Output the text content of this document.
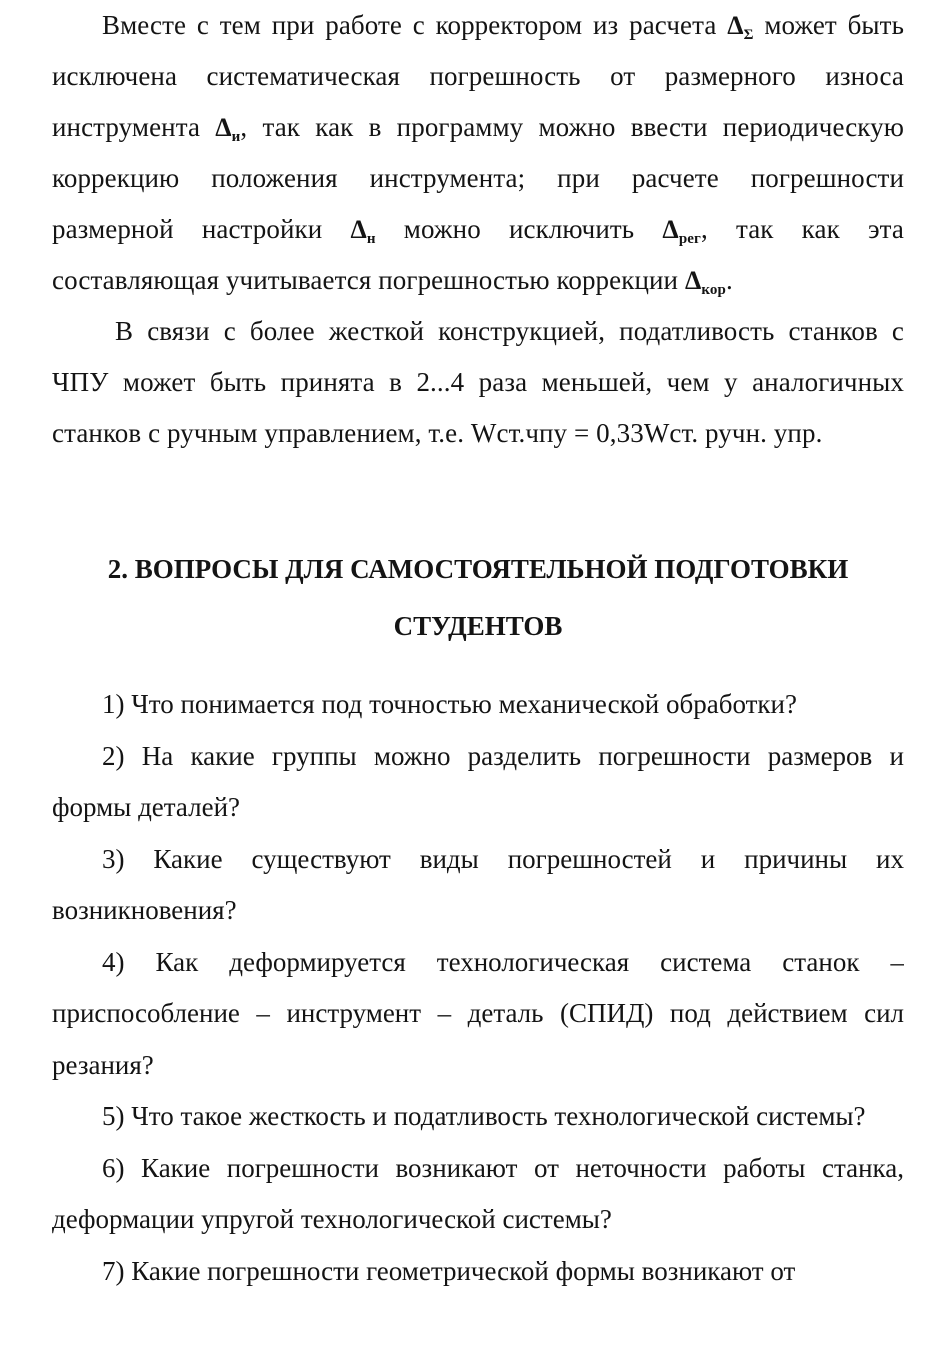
Вместе с тем при работе с корректором из расчета $\Delta_\Sigma$ может быть исключена систематическая погрешность от размерного износа инструмента $\Delta_и$, так как в программу можно ввести периодическую коррекцию положения инструмента; при расчете погрешности размерной настройки $\Delta_н$ можно исключить $\Delta_{рег}$, так как эта составляющая учитывается погрешностью коррекции $\Delta_{кор}$.

В связи с более жесткой конструкцией, податливость станков с ЧПУ может быть принята в 2...4 раза меньшей, чем у аналогичных станков с ручным управлением, т.е. Wcт.чпу = 0,33Wcт. ручн. упр.

2. ВОПРОСЫ ДЛЯ САМОСТОЯТЕЛЬНОЙ ПОДГОТОВКИ
СТУДЕНТОВ

1) Что понимается под точностью механической обработки?

2) На какие группы можно разделить погрешности размеров и формы деталей?

3) Какие существуют виды погрешностей и причины их возникновения?

4) Как деформируется технологическая система станок – приспособление – инструмент – деталь (СПИД) под действием сил резания?

5) Что такое жесткость и податливость технологической системы?

6) Какие погрешности возникают от неточности работы станка, деформации упругой технологической системы?

7) Какие погрешности геометрической формы возникают от
